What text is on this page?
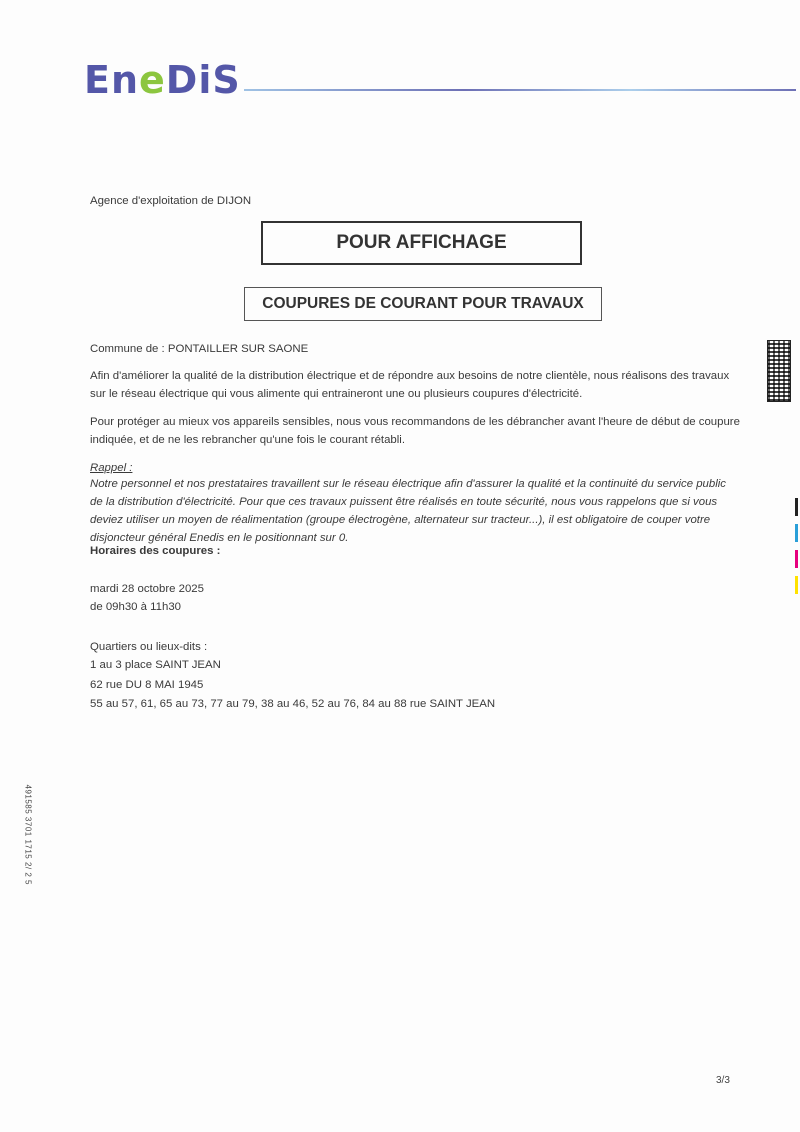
EneDiS
Agence d'exploitation de DIJON
POUR AFFICHAGE
COUPURES DE COURANT POUR TRAVAUX
Commune de : PONTAILLER SUR SAONE
Afin d'améliorer la qualité de la distribution électrique et de répondre aux besoins de notre clientèle, nous réalisons des travaux sur le réseau électrique qui vous alimente qui entraineront une ou plusieurs coupures d'électricité.
Pour protéger au mieux vos appareils sensibles, nous vous recommandons de les débrancher avant l'heure de début de coupure indiquée, et de ne les rebrancher qu'une fois le courant rétabli.
Rappel :
Notre personnel et nos prestataires travaillent sur le réseau électrique afin d'assurer la qualité et la continuité du service public de la distribution d'électricité. Pour que ces travaux puissent être réalisés en toute sécurité, nous vous rappelons que si vous deviez utiliser un moyen de réalimentation (groupe électrogène, alternateur sur tracteur...), il est obligatoire de couper votre disjoncteur général Enedis en le positionnant sur 0.
Horaires des coupures :
mardi 28 octobre 2025
de 09h30 à 11h30
Quartiers ou lieux-dits :
1 au 3 place SAINT JEAN
62 rue DU 8 MAI 1945
55 au 57, 61, 65 au 73, 77 au 79, 38 au 46, 52 au 76, 84 au 88 rue SAINT JEAN
491585 3701 1715 2/ 2 5
3/3
